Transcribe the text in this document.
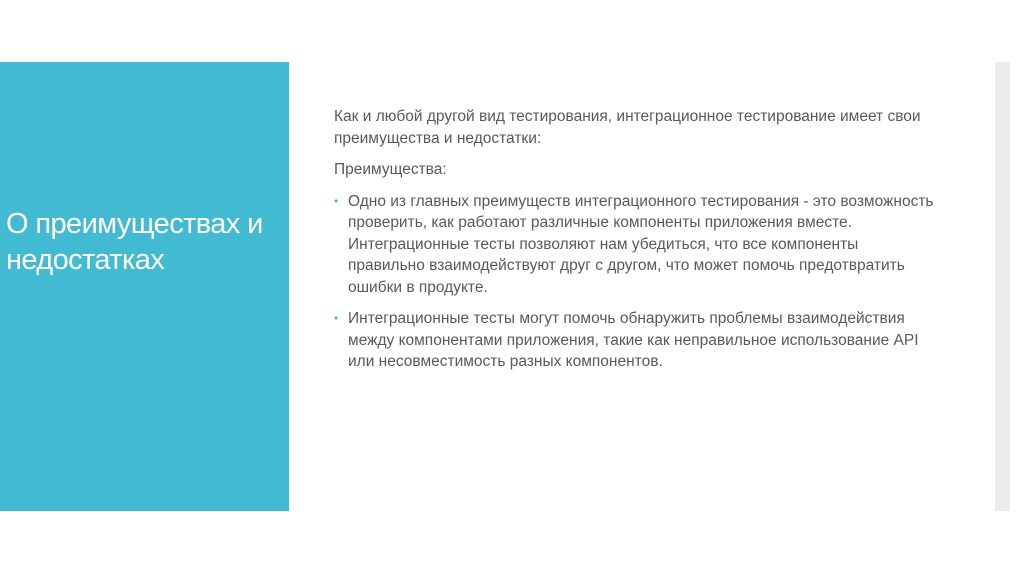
О преимуществах и недостатках

Как и любой другой вид тестирования, интеграционное тестирование имеет свои преимущества и недостатки:

Преимущества:

• Одно из главных преимуществ интеграционного тестирования - это возможность проверить, как работают различные компоненты приложения вместе. Интеграционные тесты позволяют нам убедиться, что все компоненты правильно взаимодействуют друг с другом, что может помочь предотвратить ошибки в продукте.
• Интеграционные тесты могут помочь обнаружить проблемы взаимодействия между компонентами приложения, такие как неправильное использование API или несовместимость разных компонентов.
